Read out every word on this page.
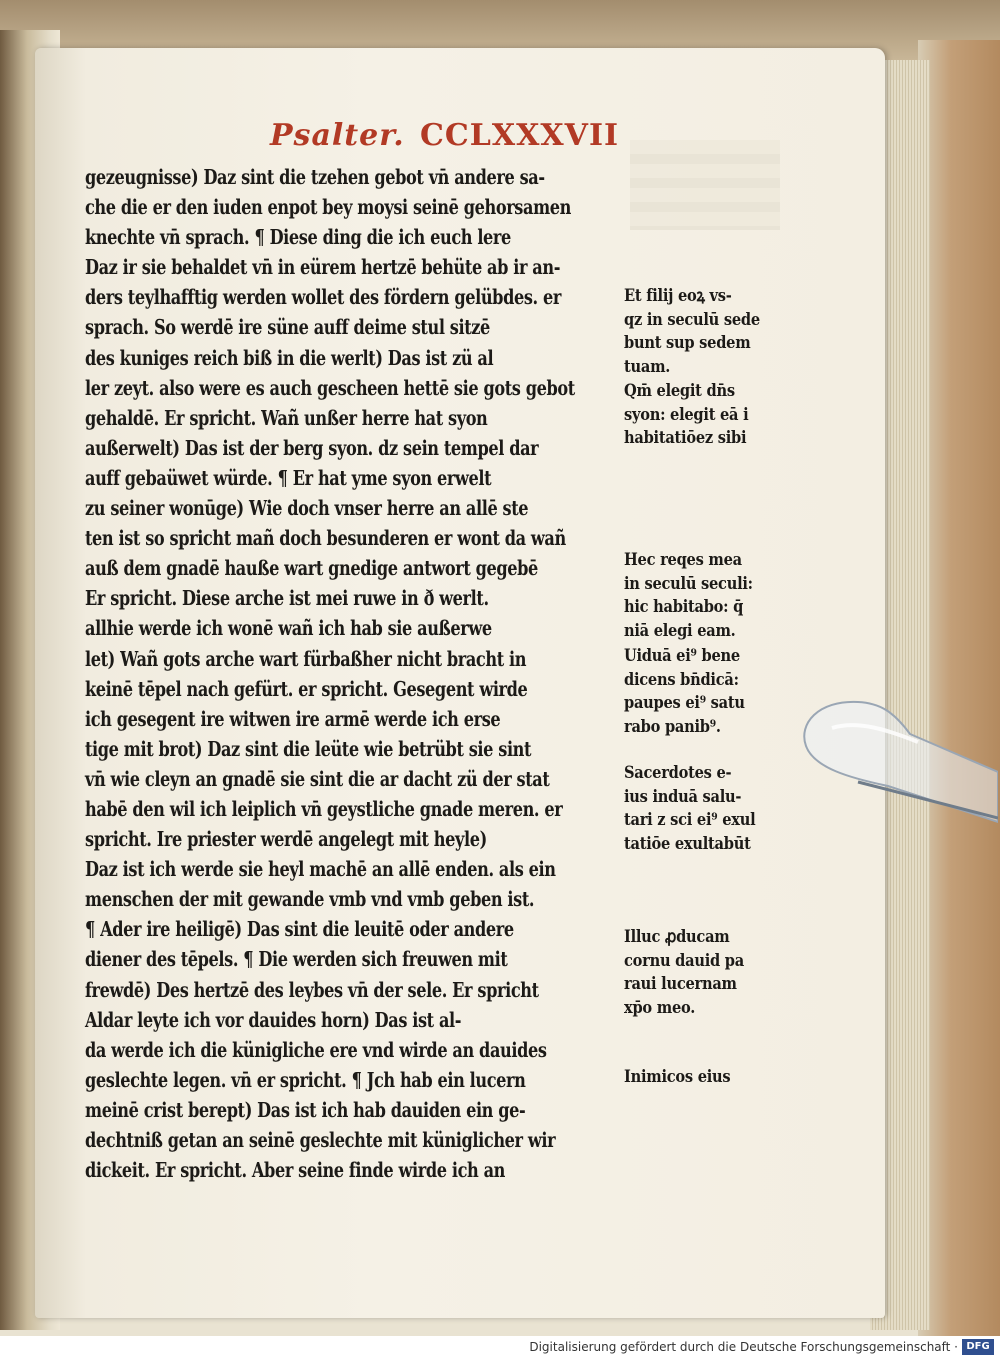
Psalter. CCLXXXVII
gezeugnisse) Daz sint die tzehen gebot vn̄ andere sa-
che die er den iuden enpot bey moysi seinē gehorsamen
knechte vn̄ sprach. ¶ Diese ding die ich euch lere
Daz ir sie behaldet vn̄ in eürem hertzē behüte ab ir an-
ders teylhafftig werden wollet des fördern gelübdes. er
sprach. So werdē ire süne auff deime stul sitzē
des kuniges reich biß in die werlt) Das ist zü al
ler zeyt. also were es auch gescheen hettē sie gots gebot
gehaldē. Er spricht. Wañ unßer herre hat syon
außerwelt) Das ist der berg syon. dz sein tempel dar
auff gebaüwet würde. ¶ Er hat yme syon erwelt
zu seiner wonūge) Wie doch vnser herre an allē ste
ten ist so spricht mañ doch besunderen er wont da wañ
auß dem gnadē hauße wart gnedige antwort gegebē
Er spricht. Diese arche ist mei ruwe in ð werlt.
allhie werde ich wonē wañ ich hab sie außerwe
let) Wañ gots arche wart fürbaßher nicht bracht in
keinē tēpel nach gefürt. er spricht. Gesegent wirde
ich gesegent ire witwen ire armē werde ich erse
tige mit brot) Daz sint die leüte wie betrübt sie sint
vn̄ wie cleyn an gnadē sie sint die ar dacht zü der stat
habē den wil ich leiplich vn̄ geystliche gnade meren. er
spricht. Ire priester werdē angelegt mit heyle)
Daz ist ich werde sie heyl machē an allē enden. als ein
menschen der mit gewande vmb vnd vmb geben ist.
¶ Ader ire heiligē) Das sint die leuitē oder andere
diener des tēpels. ¶ Die werden sich freuwen mit
frewdē) Des hertzē des leybes vn̄ der sele. Er spricht
Aldar leyte ich vor dauides horn) Das ist al-
da werde ich die künigliche ere vnd wirde an dauides
geslechte legen. vn̄ er spricht. ¶ Jch hab ein lucern
meinē crist berept) Das ist ich hab dauiden ein ge-
dechtniß getan an seinē geslechte mit küniglicher wir
dickeit. Er spricht. Aber seine finde wirde ich an
Et filij eoꝝ vs-
qz in seculū sede
bunt sup sedem
tuam.
Qm̄ elegit dn̄s
syon: elegit eā i
habitatiōez sibi
Hec reqes mea
in seculū seculi:
hic habitabo: q̄
niā elegi eam.
Uiduā ei⁹ bene
dicens bn̄dicā:
paupes ei⁹ satu
rabo panib⁹.
Sacerdotes e-
ius induā salu-
tari z sci ei⁹ exul
tatiōe exultabūt
Illuc ꝓducam
cornu dauid pa
raui lucernam
xp̄o meo.
Inimicos eius
Digitalisierung gefördert durch die Deutsche Forschungsgemeinschaft · DFG
